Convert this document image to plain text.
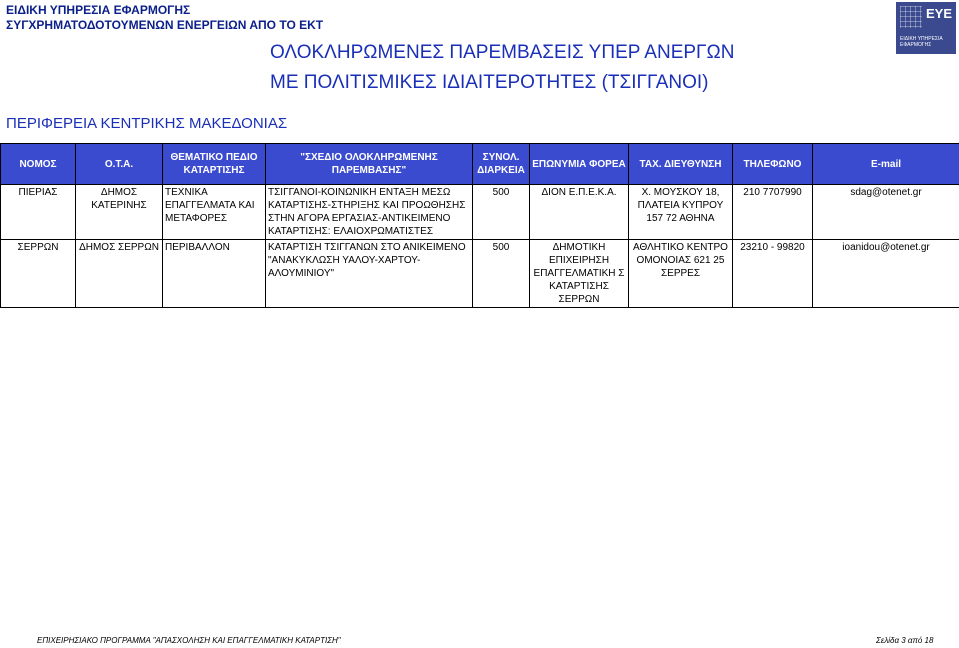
ΕΙΔΙΚΗ ΥΠΗΡΕΣΙΑ ΕΦΑΡΜΟΓΗΣ
ΣΥΓΧΡΗΜΑΤΟΔΟΤΟΥΜΕΝΩΝ ΕΝΕΡΓΕΙΩΝ ΑΠΟ ΤΟ ΕΚΤ
ΕΥΕ
ΕΙΔΙΚΗ ΥΠΗΡΕΣΙΑ ΕΦΑΡΜΟΓΗΣ
ΟΛΟΚΛΗΡΩΜΕΝΕΣ ΠΑΡΕΜΒΑΣΕΙΣ ΥΠΕΡ ΑΝΕΡΓΩΝ
ΜΕ ΠΟΛΙΤΙΣΜΙΚΕΣ ΙΔΙΑΙΤΕΡΟΤΗΤΕΣ (ΤΣΙΓΓΑΝΟΙ)
ΠΕΡΙΦΕΡΕΙΑ ΚΕΝΤΡΙΚΗΣ ΜΑΚΕΔΟΝΙΑΣ
ΝΟΜΟΣ	Ο.Τ.Α.	ΘΕΜΑΤΙΚΟ ΠΕΔΙΟ ΚΑΤΑΡΤΙΣΗΣ	"ΣΧΕΔΙΟ ΟΛΟΚΛΗΡΩΜΕΝΗΣ ΠΑΡΕΜΒΑΣΗΣ"	ΣΥΝΟΛ. ΔΙΑΡΚΕΙΑ	ΕΠΩΝΥΜΙΑ ΦΟΡΕΑ	ΤΑΧ. ΔΙΕΥΘΥΝΣΗ	ΤΗΛΕΦΩΝΟ	E-mail
ΠΙΕΡΙΑΣ	ΔΗΜΟΣ ΚΑΤΕΡΙΝΗΣ	ΤΕΧΝΙΚΑ ΕΠΑΓΓΕΛΜΑΤΑ ΚΑΙ ΜΕΤΑΦΟΡΕΣ	ΤΣΙΓΓΑΝΟΙ-ΚΟΙΝΩΝΙΚΗ ΕΝΤΑΞΗ ΜΕΣΩ ΚΑΤΑΡΤΙΣΗΣ-ΣΤΗΡΙΞΗΣ ΚΑΙ ΠΡΟΩΘΗΣΗΣ ΣΤΗΝ ΑΓΟΡΑ ΕΡΓΑΣΙΑΣ-ΑΝΤΙΚΕΙΜΕΝΟ ΚΑΤΑΡΤΙΣΗΣ: ΕΛΑΙΟΧΡΩΜΑΤΙΣΤΕΣ	500	ΔΙΟΝ Ε.Π.Ε.Κ.Α.	Χ. ΜΟΥΣΚΟΥ 18, ΠΛΑΤΕΙΑ ΚΥΠΡΟΥ 157 72 ΑΘΗΝΑ	210 7707990	sdag@otenet.gr
ΣΕΡΡΩΝ	ΔΗΜΟΣ ΣΕΡΡΩΝ	ΠΕΡΙΒΑΛΛΟΝ	ΚΑΤΑΡΤΙΣΗ ΤΣΙΓΓΑΝΩΝ ΣΤΟ ΑΝΙΚΕΙΜΕΝΟ "ΑΝΑΚΥΚΛΩΣΗ ΥΑΛΟΥ-ΧΑΡΤΟΥ-ΑΛΟΥΜΙΝΙΟΥ"	500	ΔΗΜΟΤΙΚΗ ΕΠΙΧΕΙΡΗΣΗ ΕΠΑΓΓΕΛΜΑΤΙΚΗ Σ ΚΑΤΑΡΤΙΣΗΣ ΣΕΡΡΩΝ	ΑΘΛΗΤΙΚΟ ΚΕΝΤΡΟ ΟΜΟΝΟΙΑΣ 621 25 ΣΕΡΡΕΣ	23210 - 99820	ioanidou@otenet.gr
ΕΠΙΧΕΙΡΗΣΙΑΚΟ ΠΡΟΓΡΑΜΜΑ "ΑΠΑΣΧΟΛΗΣΗ ΚΑΙ ΕΠΑΓΓΕΛΜΑΤΙΚΗ ΚΑΤΑΡΤΙΣΗ"	Σελίδα 3 από 18
